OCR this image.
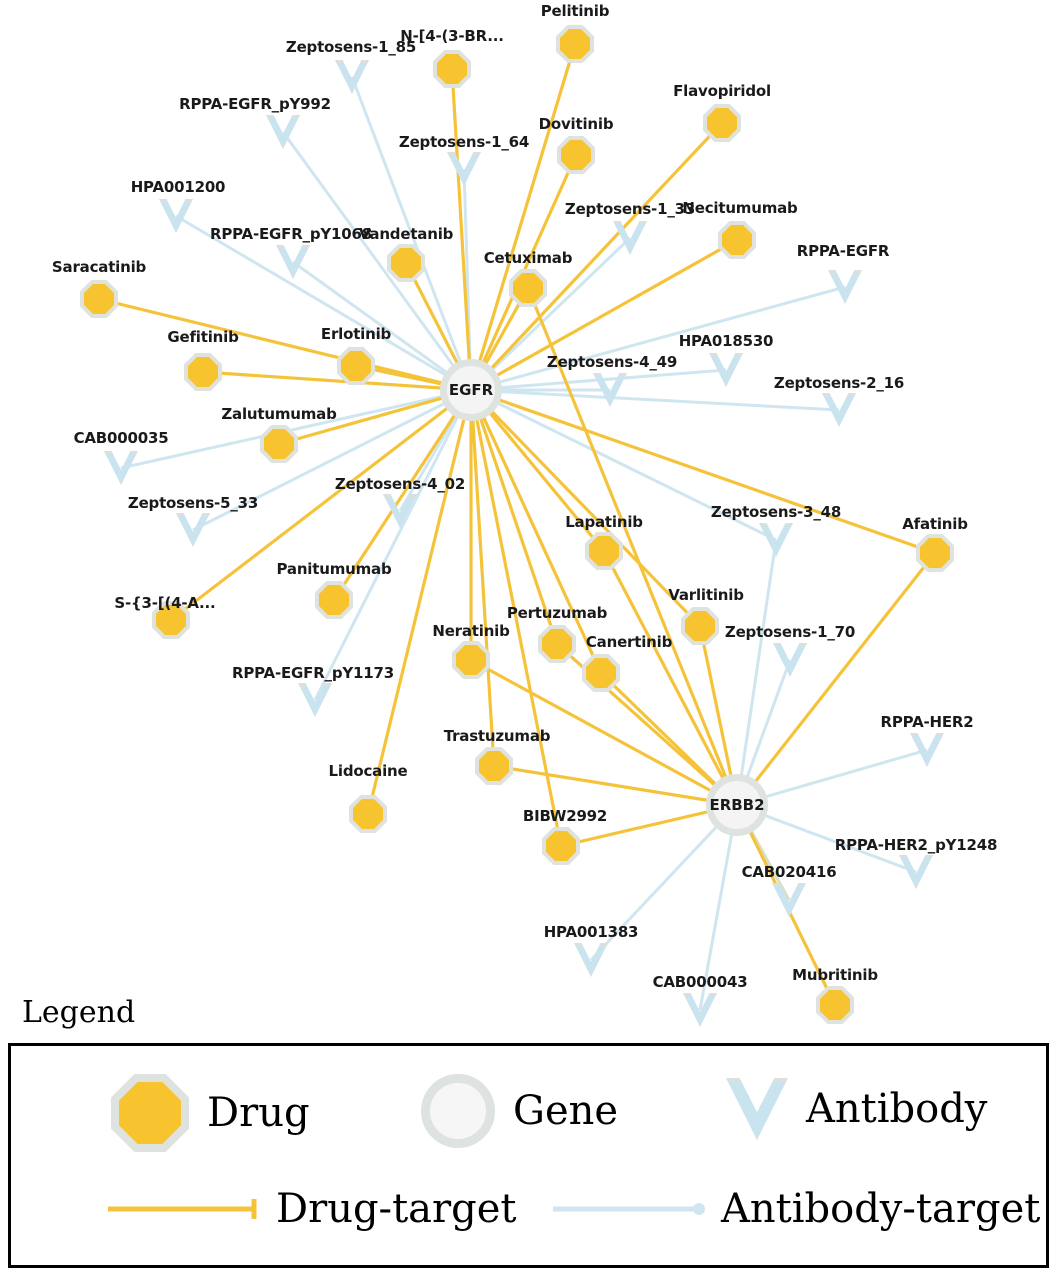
Pelitinib
N-[4-(3-BR...
Flavopiridol
Dovitinib
Necitumumab
Vandetanib
Cetuximab
Saracatinib
Gefitinib	Erlotinib
Zalutumumab
Afatinib
Lapatinib
Varlitinib
Pertuzumab
Panitumumab
S-{3-[(4-A...
Neratinib
Canertinib
Trastuzumab
Lidocaine
BIBW2992
Mubritinib
Zeptosens-1_85
RPPA-EGFR_pY992
Zeptosens-1_64
HPA001200
Zeptosens-1_33
RPPA-EGFR_pY1068
RPPA-EGFR
HPA018530
Zeptosens-4_49
Zeptosens-2_16
CAB000035
Zeptosens-4_02
Zeptosens-5_33	Zeptosens-3_48
Zeptosens-1_70
RPPA-EGFR_pY1173
RPPA-HER2
RPPA-HER2_pY1248
CAB020416
HPA001383
CAB000043
EGFR
ERBB2
Legend
Drug	Gene	Antibody
Drug-target	Antibody-target
